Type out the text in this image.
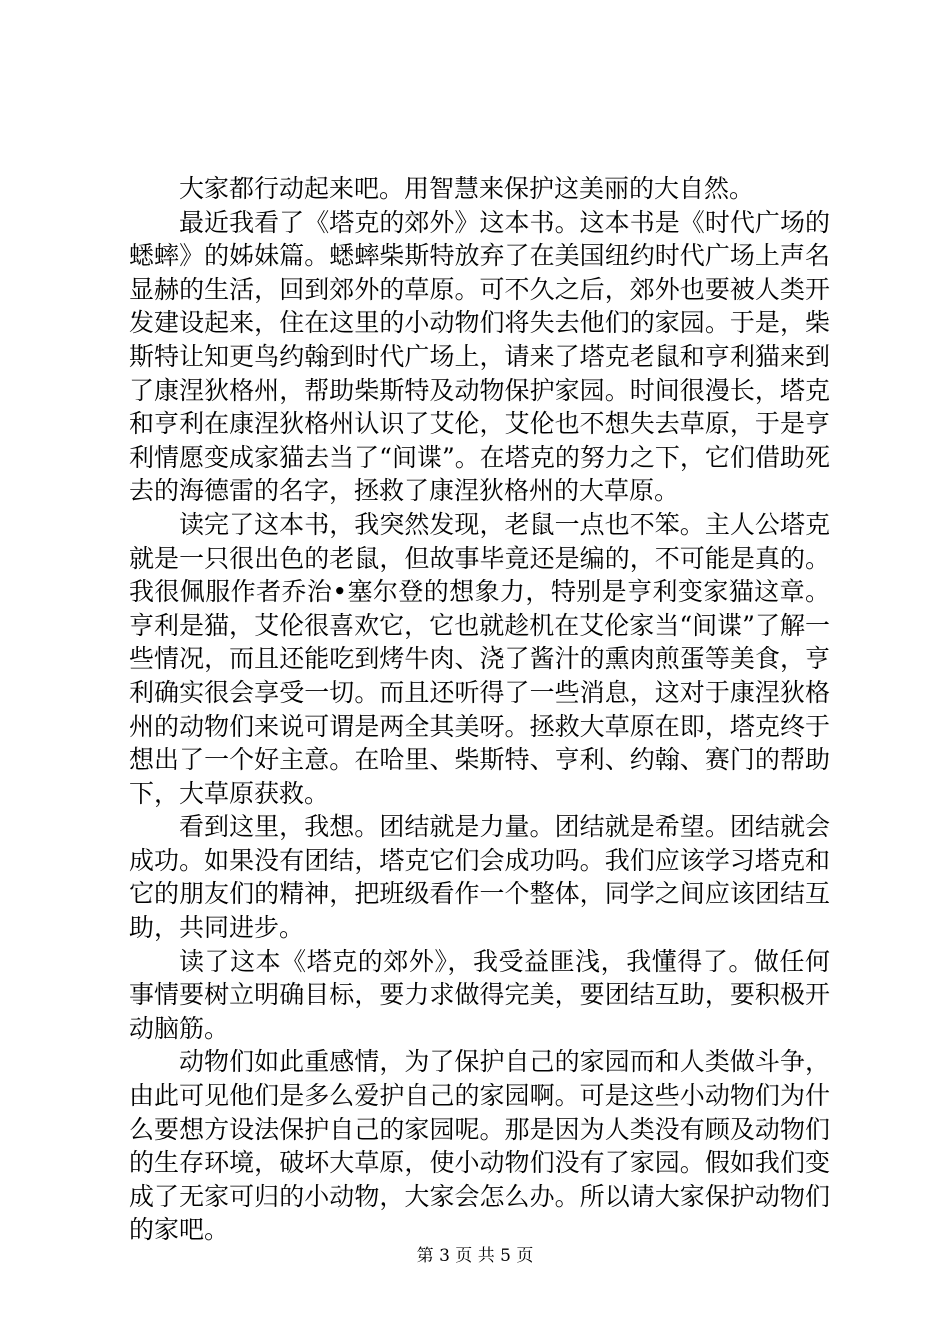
大家都行动起来吧。用智慧来保护这美丽的大自然。

最近我看了《塔克的郊外》这本书。这本书是《时代广场的蟋蟀》的姊妹篇。蟋蟀柴斯特放弃了在美国纽约时代广场上声名显赫的生活，回到郊外的草原。可不久之后，郊外也要被人类开发建设起来，住在这里的小动物们将失去他们的家园。于是，柴斯特让知更鸟约翰到时代广场上，请来了塔克老鼠和亨利猫来到了康涅狄格州，帮助柴斯特及动物保护家园。时间很漫长，塔克和亨利在康涅狄格州认识了艾伦，艾伦也不想失去草原，于是亨利情愿变成家猫去当了“间谍”。在塔克的努力之下，它们借助死去的海德雷的名字，拯救了康涅狄格州的大草原。

读完了这本书，我突然发现，老鼠一点也不笨。主人公塔克就是一只很出色的老鼠，但故事毕竟还是编的，不可能是真的。我很佩服作者乔治•塞尔登的想象力，特别是亨利变家猫这章。亨利是猫，艾伦很喜欢它，它也就趁机在艾伦家当“间谍”了解一些情况，而且还能吃到烤牛肉、浇了酱汁的熏肉煎蛋等美食，亨利确实很会享受一切。而且还听得了一些消息，这对于康涅狄格州的动物们来说可谓是两全其美呀。拯救大草原在即，塔克终于想出了一个好主意。在哈里、柴斯特、亨利、约翰、赛门的帮助下，大草原获救。

看到这里，我想。团结就是力量。团结就是希望。团结就会成功。如果没有团结，塔克它们会成功吗。我们应该学习塔克和它的朋友们的精神，把班级看作一个整体，同学之间应该团结互助，共同进步。

读了这本《塔克的郊外》，我受益匪浅，我懂得了。做任何事情要树立明确目标，要力求做得完美，要团结互助，要积极开动脑筋。

动物们如此重感情，为了保护自己的家园而和人类做斗争，由此可见他们是多么爱护自己的家园啊。可是这些小动物们为什么要想方设法保护自己的家园呢。那是因为人类没有顾及动物们的生存环境，破坏大草原，使小动物们没有了家园。假如我们变成了无家可归的小动物，大家会怎么办。所以请大家保护动物们的家吧。

第 3 页 共 5 页
